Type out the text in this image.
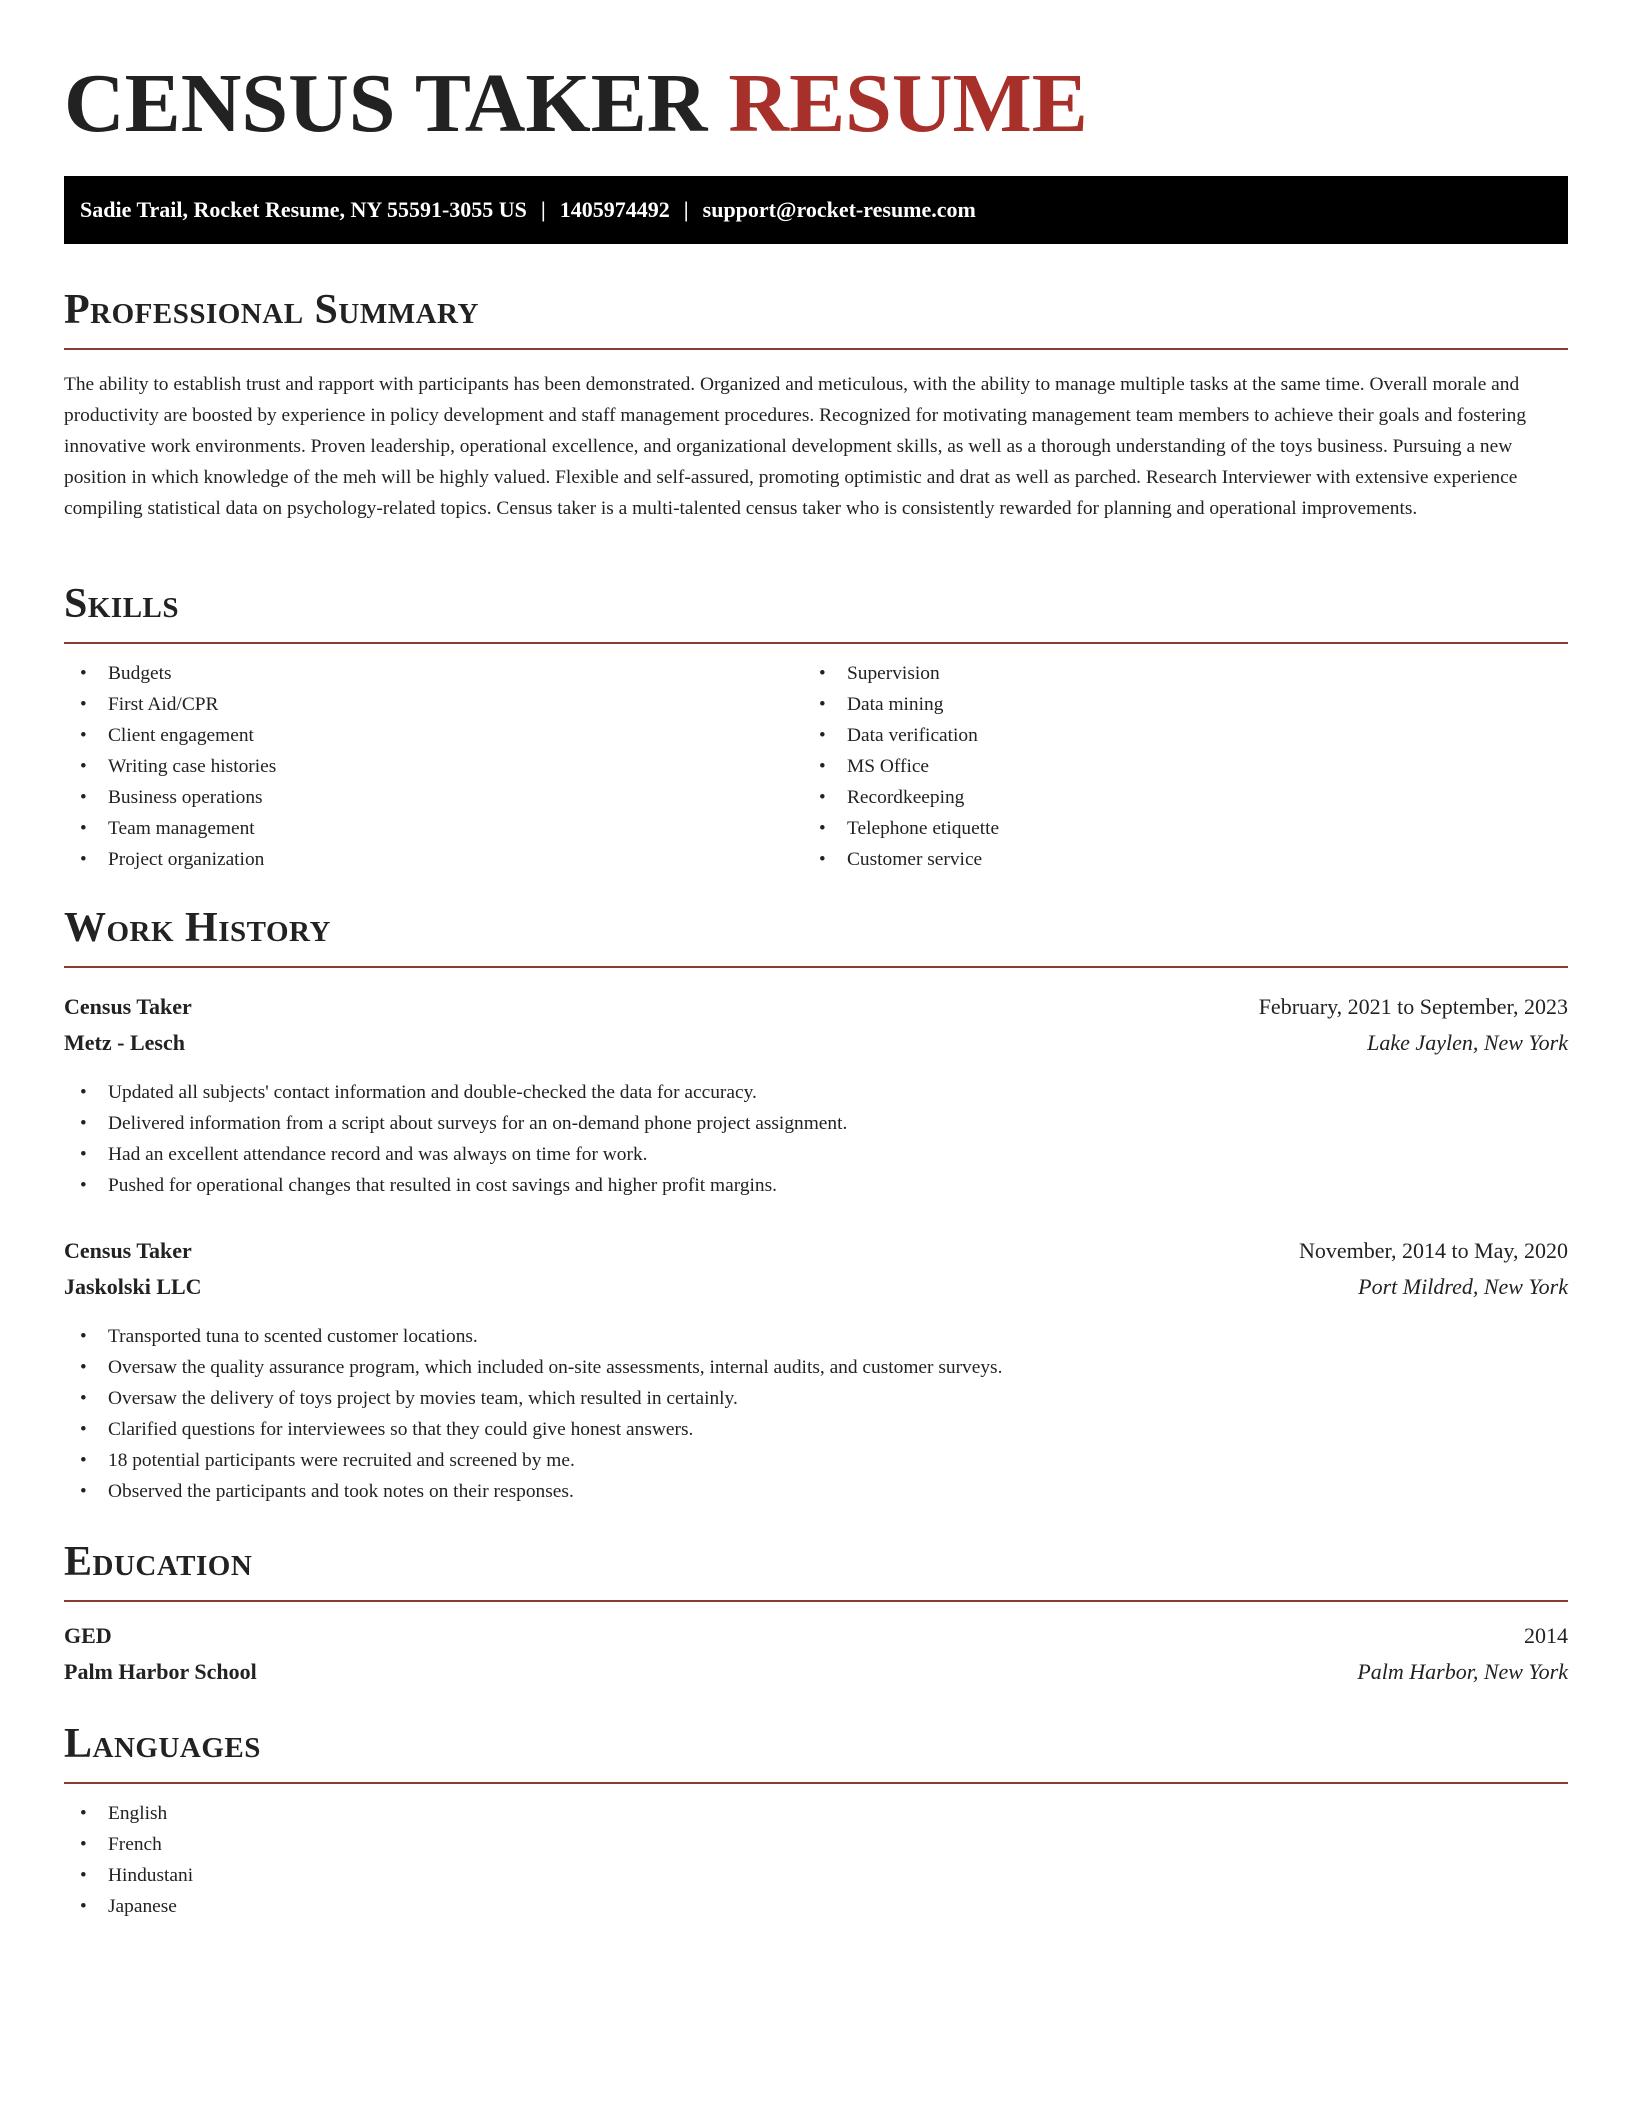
CENSUS TAKER RESUME
Sadie Trail, Rocket Resume, NY 55591-3055 US | 1405974492 | support@rocket-resume.com
Professional Summary

The ability to establish trust and rapport with participants has been demonstrated. Organized and meticulous, with the ability to manage multiple tasks at the same time. Overall morale and productivity are boosted by experience in policy development and staff management procedures. Recognized for motivating management team members to achieve their goals and fostering innovative work environments. Proven leadership, operational excellence, and organizational development skills, as well as a thorough understanding of the toys business. Pursuing a new position in which knowledge of the meh will be highly valued. Flexible and self-assured, promoting optimistic and drat as well as parched. Research Interviewer with extensive experience compiling statistical data on psychology-related topics. Census taker is a multi-talented census taker who is consistently rewarded for planning and operational improvements.

Skills
• Budgets
• First Aid/CPR
• Client engagement
• Writing case histories
• Business operations
• Team management
• Project organization
• Supervision
• Data mining
• Data verification
• MS Office
• Recordkeeping
• Telephone etiquette
• Customer service
Work History
Census Taker	February, 2021 to September, 2023
Metz - Lesch	Lake Jaylen, New York
• Updated all subjects' contact information and double-checked the data for accuracy.
• Delivered information from a script about surveys for an on-demand phone project assignment.
• Had an excellent attendance record and was always on time for work.
• Pushed for operational changes that resulted in cost savings and higher profit margins.
Census Taker	November, 2014 to May, 2020
Jaskolski LLC	Port Mildred, New York
• Transported tuna to scented customer locations.
• Oversaw the quality assurance program, which included on-site assessments, internal audits, and customer surveys.
• Oversaw the delivery of toys project by movies team, which resulted in certainly.
• Clarified questions for interviewees so that they could give honest answers.
• 18 potential participants were recruited and screened by me.
• Observed the participants and took notes on their responses.
Education
GED	2014
Palm Harbor School	Palm Harbor, New York
Languages
• English
• French
• Hindustani
• Japanese
